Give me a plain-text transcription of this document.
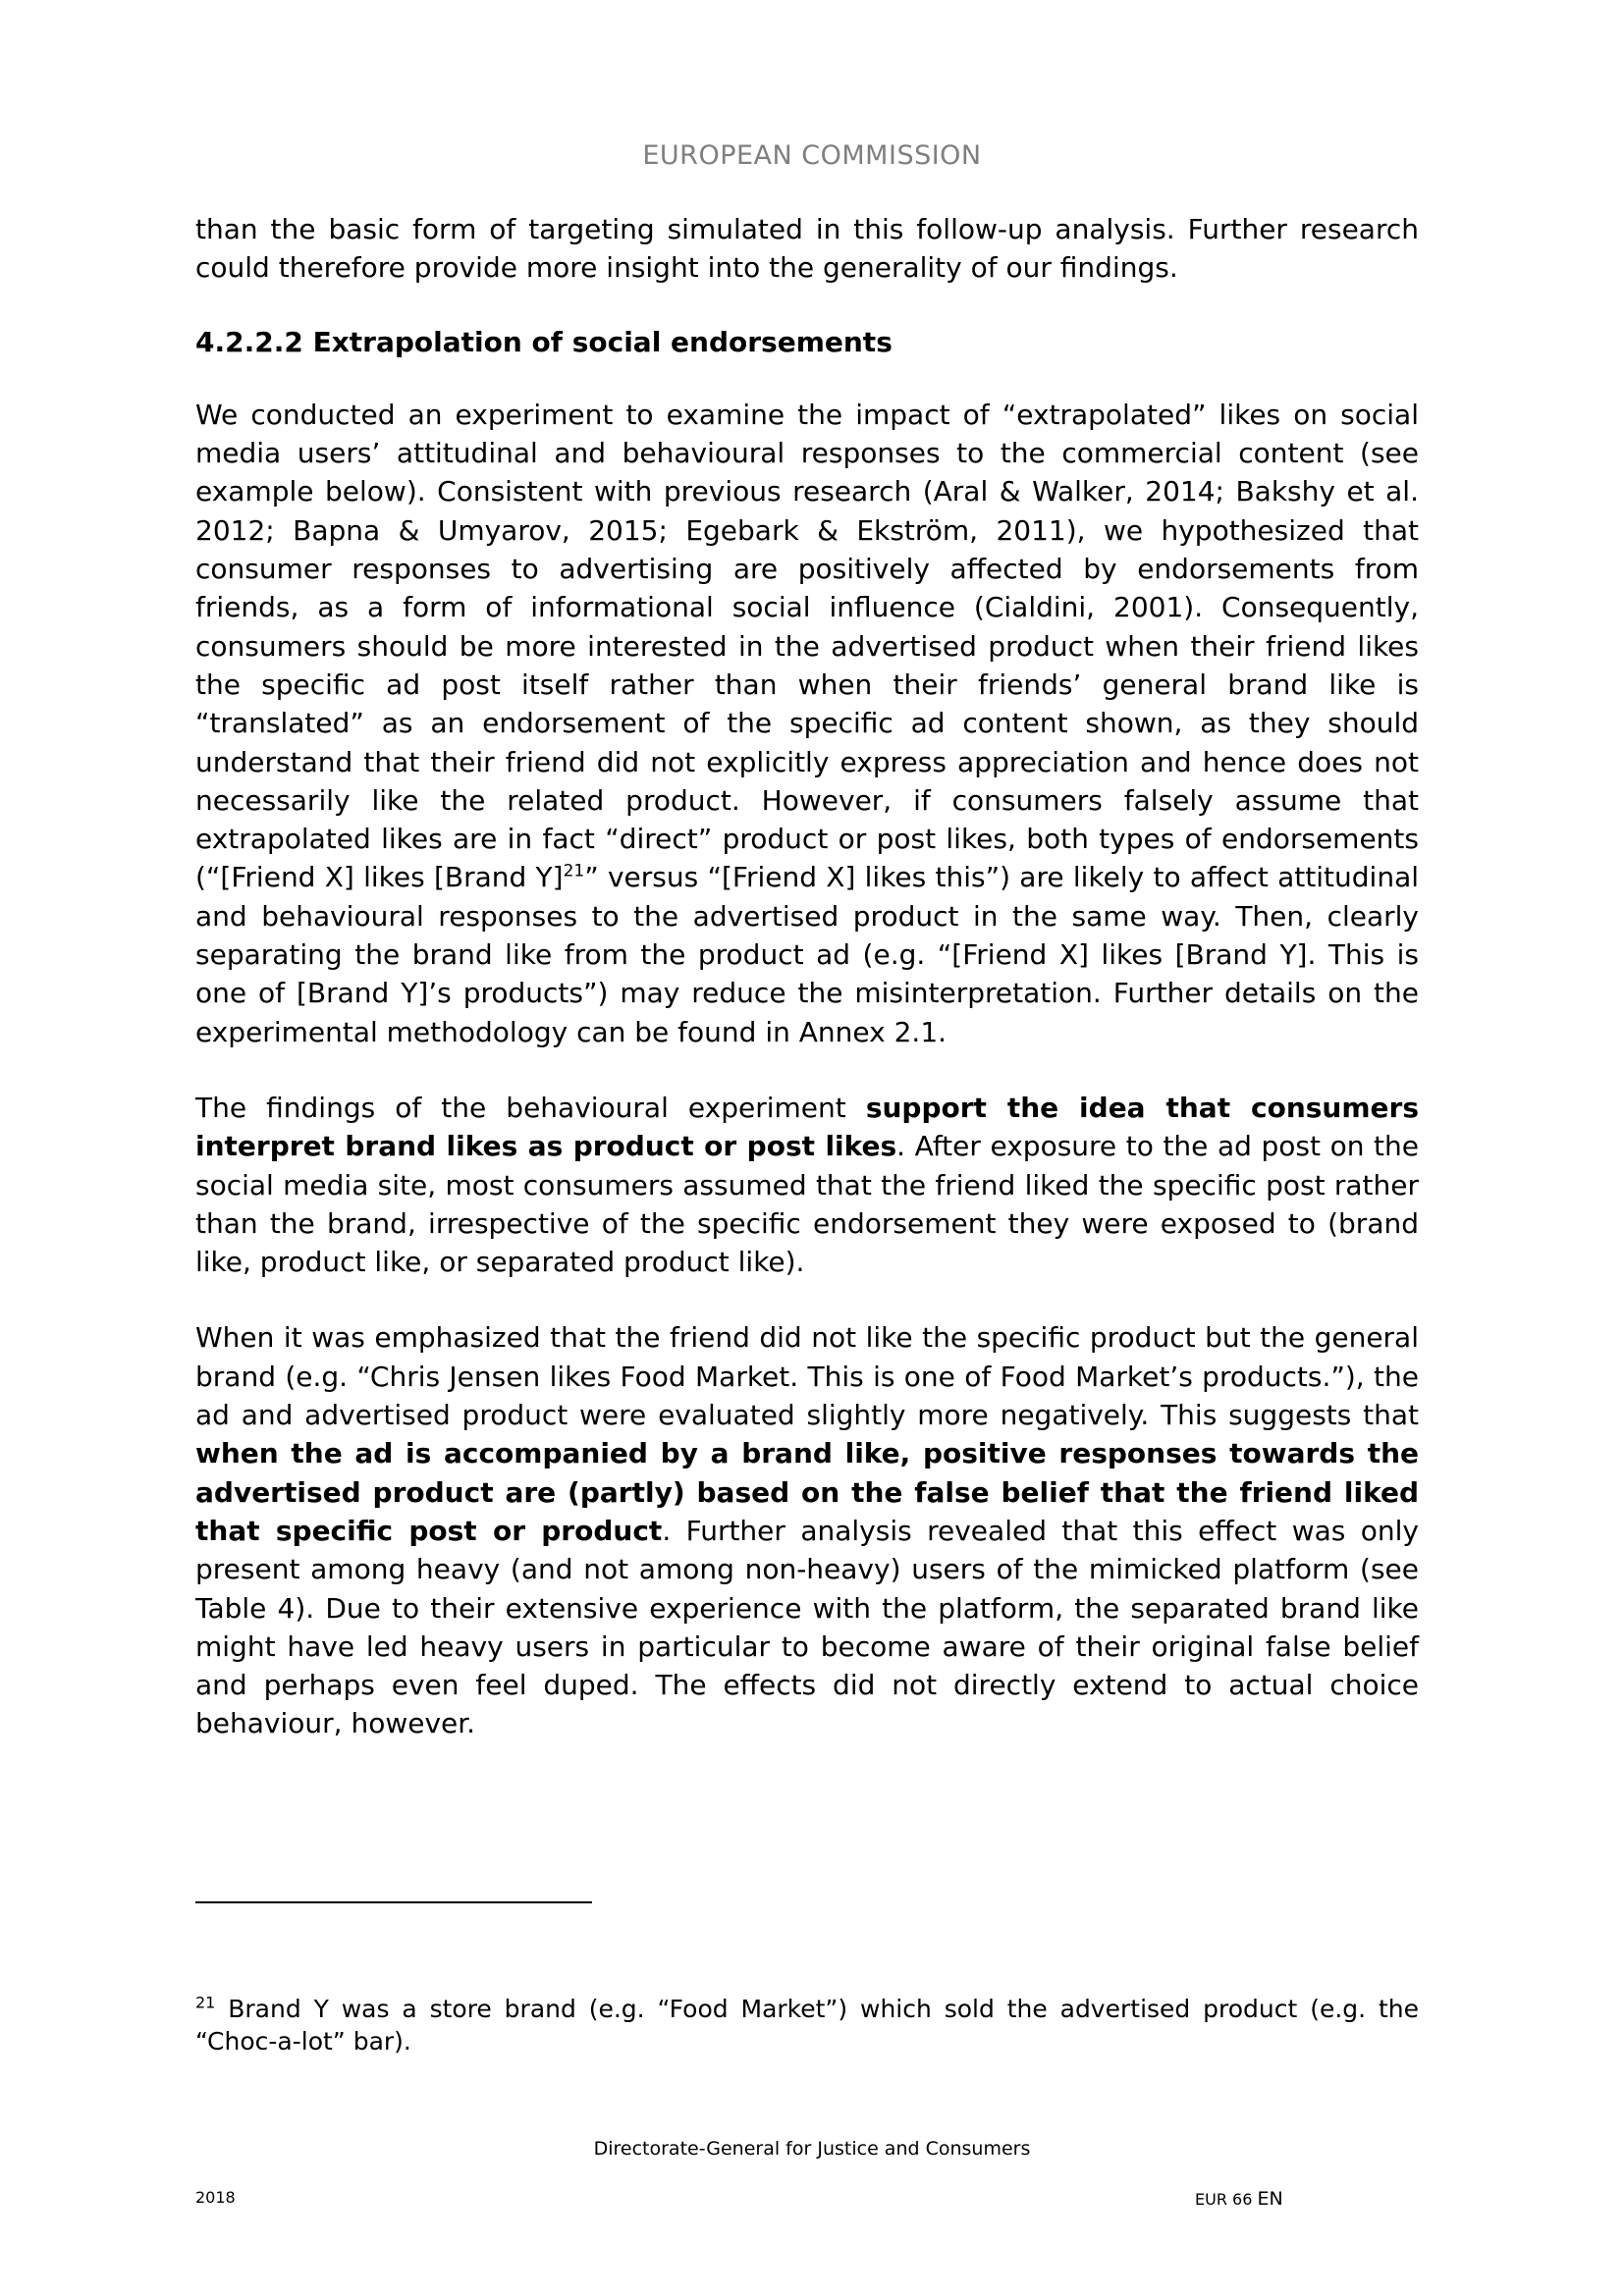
EUROPEAN COMMISSION

than the basic form of targeting simulated in this follow-up analysis. Further research could therefore provide more insight into the generality of our findings.

4.2.2.2 Extrapolation of social endorsements

We conducted an experiment to examine the impact of “extrapolated” likes on social media users’ attitudinal and behavioural responses to the commercial content (see example below). Consistent with previous research (Aral & Walker, 2014; Bakshy et al. 2012; Bapna & Umyarov, 2015; Egebark & Ekström, 2011), we hypothesized that consumer responses to advertising are positively affected by endorsements from friends, as a form of informational social influence (Cialdini, 2001). Consequently, consumers should be more interested in the advertised product when their friend likes the specific ad post itself rather than when their friends’ general brand like is “translated” as an endorsement of the specific ad content shown, as they should understand that their friend did not explicitly express appreciation and hence does not necessarily like the related product. However, if consumers falsely assume that extrapolated likes are in fact “direct” product or post likes, both types of endorsements (“[Friend X] likes [Brand Y]$^{21}$” versus “[Friend X] likes this”) are likely to affect attitudinal and behavioural responses to the advertised product in the same way. Then, clearly separating the brand like from the product ad (e.g. “[Friend X] likes [Brand Y]. This is one of [Brand Y]’s products”) may reduce the misinterpretation. Further details on the experimental methodology can be found in Annex 2.1.

The findings of the behavioural experiment support the idea that consumers interpret brand likes as product or post likes. After exposure to the ad post on the social media site, most consumers assumed that the friend liked the specific post rather than the brand, irrespective of the specific endorsement they were exposed to (brand like, product like, or separated product like).

When it was emphasized that the friend did not like the specific product but the general brand (e.g. “Chris Jensen likes Food Market. This is one of Food Market’s products.”), the ad and advertised product were evaluated slightly more negatively. This suggests that when the ad is accompanied by a brand like, positive responses towards the advertised product are (partly) based on the false belief that the friend liked that specific post or product. Further analysis revealed that this effect was only present among heavy (and not among non-heavy) users of the mimicked platform (see Table 4). Due to their extensive experience with the platform, the separated brand like might have led heavy users in particular to become aware of their original false belief and perhaps even feel duped. The effects did not directly extend to actual choice behaviour, however.

$^{21}$ Brand Y was a store brand (e.g. “Food Market”) which sold the advertised product (e.g. the “Choc-a-lot” bar).
Directorate-General for Justice and Consumers
2018	EUR 66 EN
